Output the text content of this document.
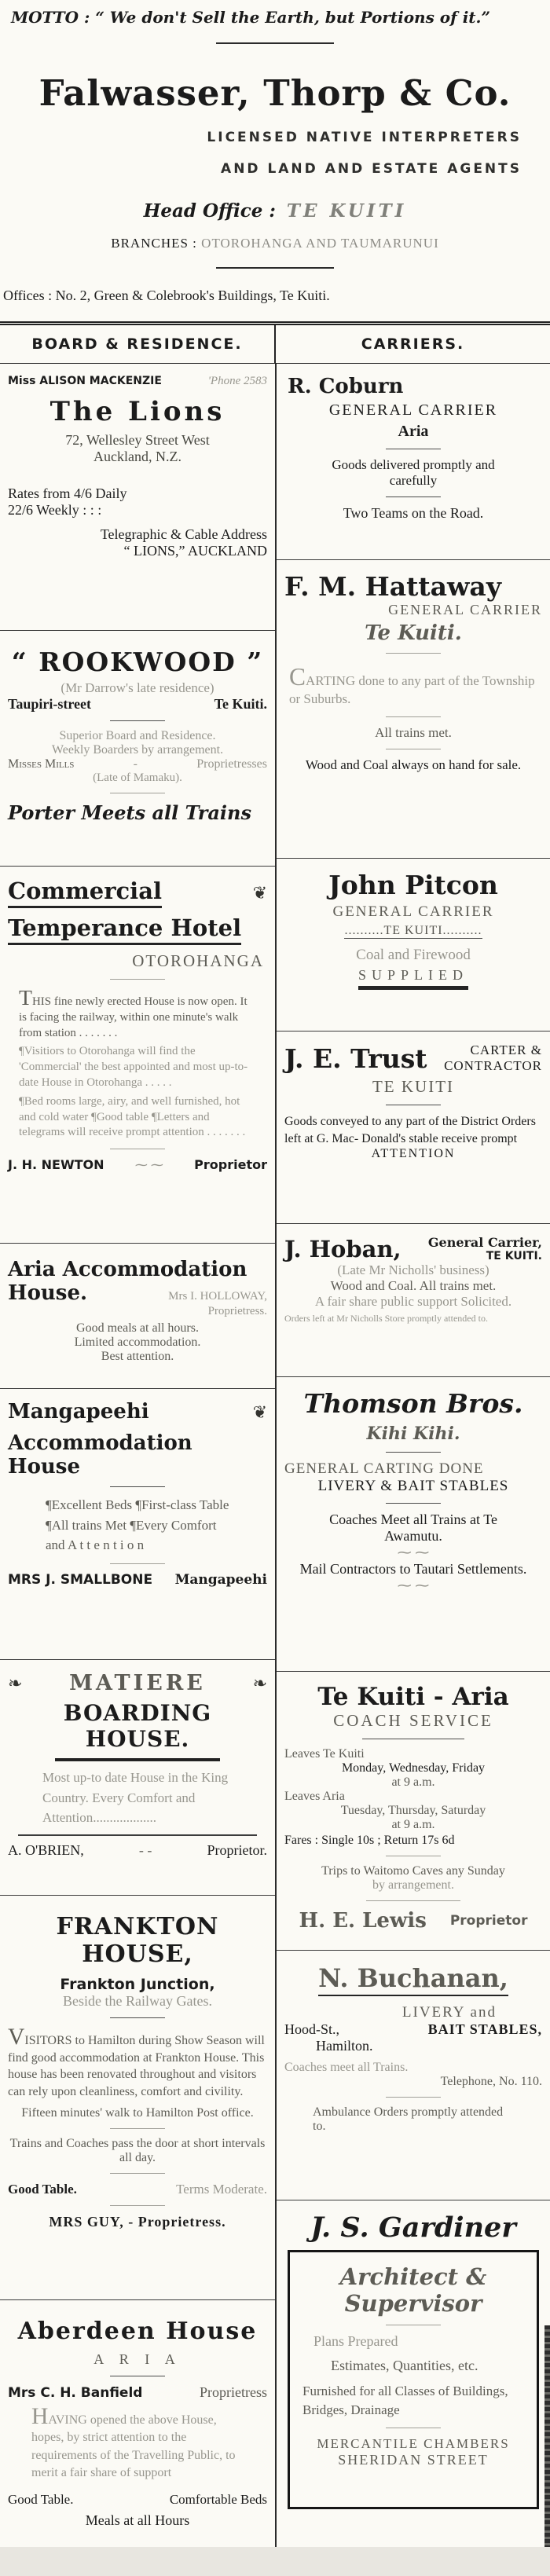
MOTTO : “ We don't Sell the Earth, but Portions of it.”
Falwasser, Thorp & Co.
LICENSED NATIVE INTERPRETERS
AND LAND AND ESTATE AGENTS
Head Office : TE KUITI
BRANCHES : OTOROHANGA AND TAUMARUNUI
Offices : No. 2, Green & Colebrook's Buildings, Te Kuiti.
BOARD & RESIDENCE.	CARRIERS.
Miss ALISON MACKENZIE	'Phone 2583
The Lions
72, Wellesley Street West
Auckland, N.Z.
Rates from 4/6 Daily
22/6 Weekly : : :
Telegraphic & Cable Address
“ LIONS,” AUCKLAND
“ ROOKWOOD ”
(Mr Darrow's late residence)
Taupiri-street	Te Kuiti.
Superior Board and Residence.
Weekly Boarders by arrangement.
Misses Mills	-	Proprietresses
(Late of Mamaku).
Porter Meets all Trains
Commercial	❦
Temperance Hotel
OTOROHANGA
THIS fine newly erected House is now open. It is facing the railway, within one minute's walk from station . . . . . . .
¶Visitiors to Otorohanga will find the 'Commercial' the best appointed and most up-to-date House in Otorohanga . . . . .
¶Bed rooms large, airy, and well furnished, hot and cold water ¶Good table ¶Letters and telegrams will receive prompt attention . . . . . . .
J. H. NEWTON ⁓ ⁓ Proprietor
Aria Accommodation
House.	Mrs I. HOLLOWAY,
Proprietress.
Good meals at all hours.
Limited accommodation.
Best attention.
Mangapeehi	❦
Accommodation House
¶Excellent Beds ¶First-class Table ¶All trains Met ¶Every Comfort and A t t e n t i o n
MRS J. SMALLBONE Mangapeehi
❧ MATIERE	❧
BOARDING HOUSE.
Most up-to date House in the King Country. Every Comfort and Attention...................
A. O'BRIEN,	- -	Proprietor.
FRANKTON HOUSE,
Frankton Junction,
Beside the Railway Gates.
VISITORS to Hamilton during Show Season will find good accommodation at Frankton House. This house has been renovated throughout and visitors can rely upon cleanliness, comfort and civility.
Fifteen minutes' walk to Hamilton Post office.
Trains and Coaches pass the door at short intervals all day.
Good Table.	Terms Moderate.
MRS GUY, - Proprietress.
Aberdeen House
A R I A
Mrs C. H. Banfield	Proprietress
HAVING opened the above House, hopes, by strict attention to the requirements of the Travelling Public, to merit a fair share of support
Good Table.	Comfortable Beds
Meals at all Hours
R. Coburn
GENERAL CARRIER
Aria
Goods delivered promptly and carefully
Two Teams on the Road.
F. M. Hattaway
GENERAL CARRIER
Te Kuiti.
CARTING done to any part of the Township or Suburbs.
All trains met.
Wood and Coal always on hand for sale.
John Pitcon
GENERAL CARRIER
..........TE KUITI..........
Coal and Firewood
SUPPLIED
J. E. Trust	CARTER &
CONTRACTOR
TE KUITI
Goods conveyed to any part of the District Orders left at G. Mac- Donald's stable receive prompt
ATTENTION
J. Hoban, General Carrier,
TE KUITI.
(Late Mr Nicholls' business)
Wood and Coal. All trains met.
A fair share public support Solicited.
Orders left at Mr Nicholls Store promptly attended to.
Thomson Bros.
Kihi Kihi.
GENERAL CARTING DONE
LIVERY & BAIT STABLES
Coaches Meet all Trains at Te Awamutu.
⁓ ⁓
Mail Contractors to Tautari Settlements.
⁓ ⁓
Te Kuiti - Aria
COACH SERVICE
Leaves Te Kuiti
Monday, Wednesday, Friday
at 9 a.m.
Leaves Aria
Tuesday, Thursday, Saturday
at 9 a.m.
Fares : Single 10s ; Return 17s 6d
Trips to Waitomo Caves any Sunday
by arrangement.
H. E. Lewis Proprietor
N. Buchanan,
LIVERY and
Hood-St.,	BAIT STABLES,
Hamilton.
Coaches meet all Trains.
Telephone, No. 110.
Ambulance Orders promptly attended to.
J. S. Gardiner
Architect &
Supervisor
Plans Prepared
Estimates, Quantities, etc.
Furnished for all Classes of Buildings, Bridges, Drainage
MERCANTILE CHAMBERS
SHERIDAN STREET
